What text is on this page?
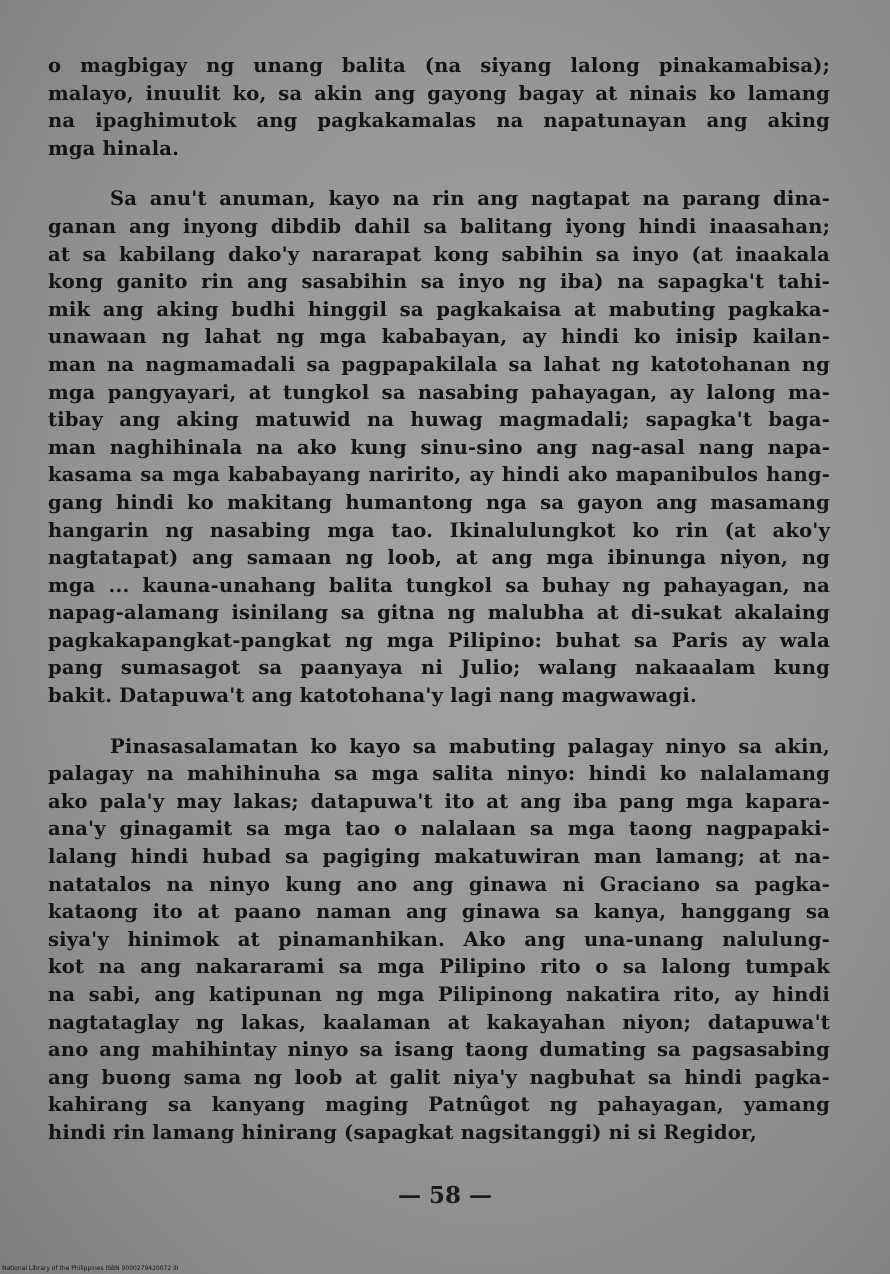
o magbigay ng unang balita (na siyang lalong pinakamabisa);
malayo, inuulit ko, sa akin ang gayong bagay at ninais ko lamang
na ipaghimutok ang pagkakamalas na napatunayan ang aking
mga hinala.
Sa anu't anuman, kayo na rin ang nagtapat na parang dina-
ganan ang inyong dibdib dahil sa balitang iyong hindi inaasahan;
at sa kabilang dako'y nararapat kong sabihin sa inyo (at inaakala
kong ganito rin ang sasabihin sa inyo ng iba) na sapagka't tahi-
mik ang aking budhi hinggil sa pagkakaisa at mabuting pagkaka-
unawaan ng lahat ng mga kababayan, ay hindi ko inisip kailan-
man na nagmamadali sa pagpapakilala sa lahat ng katotohanan ng
mga pangyayari, at tungkol sa nasabing pahayagan, ay lalong ma-
tibay ang aking matuwid na huwag magmadali; sapagka't baga-
man naghihinala na ako kung sinu-sino ang nag-asal nang napa-
kasama sa mga kababayang naririto, ay hindi ako mapanibulos hang-
gang hindi ko makitang humantong nga sa gayon ang masamang
hangarin ng nasabing mga tao. Ikinalulungkot ko rin (at ako'y
nagtatapat) ang samaan ng loob, at ang mga ibinunga niyon, ng
mga ... kauna-unahang balita tungkol sa buhay ng pahayagan, na
napag-alamang isinilang sa gitna ng malubha at di-sukat akalaing
pagkakapangkat-pangkat ng mga Pilipino: buhat sa Paris ay wala
pang sumasagot sa paanyaya ni Julio; walang nakaaalam kung
bakit. Datapuwa't ang katotohana'y lagi nang magwawagi.
Pinasasalamatan ko kayo sa mabuting palagay ninyo sa akin,
palagay na mahihinuha sa mga salita ninyo: hindi ko nalalamang
ako pala'y may lakas; datapuwa't ito at ang iba pang mga kapara-
ana'y ginagamit sa mga tao o nalalaan sa mga taong nagpapaki-
lalang hindi hubad sa pagiging makatuwiran man lamang; at na-
natatalos na ninyo kung ano ang ginawa ni Graciano sa pagka-
kataong ito at paano naman ang ginawa sa kanya, hanggang sa
siya'y hinimok at pinamanhikan. Ako ang una-unang nalulung-
kot na ang nakararami sa mga Pilipino rito o sa lalong tumpak
na sabi, ang katipunan ng mga Pilipinong nakatira rito, ay hindi
nagtataglay ng lakas, kaalaman at kakayahan niyon; datapuwa't
ano ang mahihintay ninyo sa isang taong dumating sa pagsasabing
ang buong sama ng loob at galit niya'y nagbuhat sa hindi pagka-
kahirang sa kanyang maging Patnûgot ng pahayagan, yamang
hindi rin lamang hinirang (sapagkat nagsitanggi) ni si Regidor,
— 58 —
National Library of the Philippines ISBN 9000279420072 III
